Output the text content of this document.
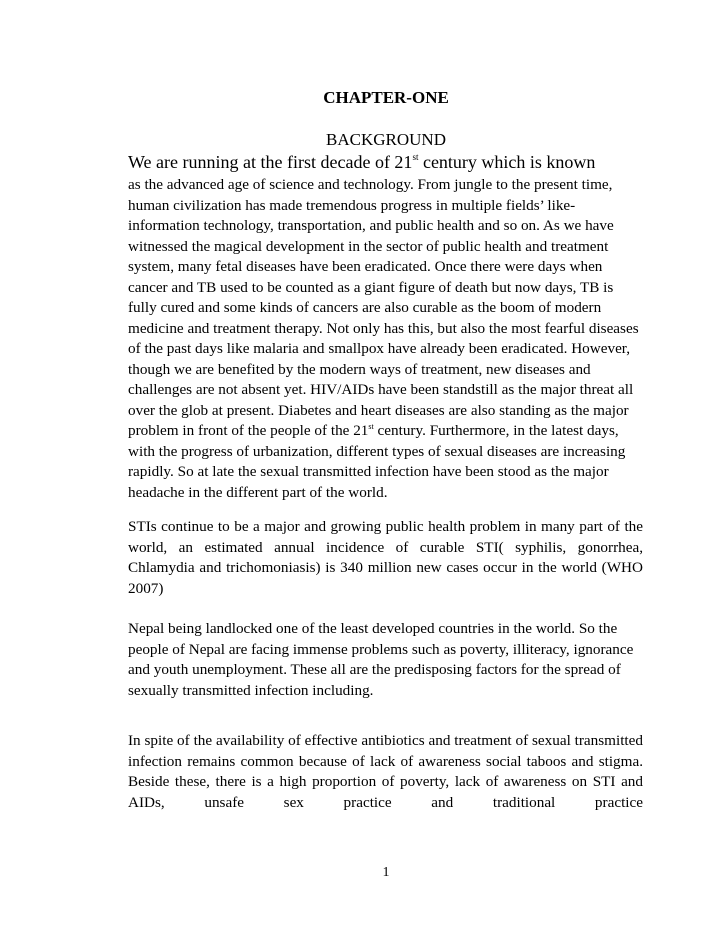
CHAPTER-ONE
BACKGROUND
We are running at the first decade of 21st century which is known

as the advanced age of science and technology. From jungle to the present time, human civilization has made tremendous progress in multiple fields’ like- information technology, transportation, and public health and so on. As we have witnessed the magical development in the sector of public health and treatment system, many fetal diseases have been eradicated. Once there were days when cancer and TB used to be counted as a giant figure of death but now days, TB is fully cured and some kinds of cancers are also curable as the boom of modern medicine and treatment therapy. Not only has this, but also the most fearful diseases of the past days like malaria and smallpox have already been eradicated. However, though we are benefited by the modern ways of treatment, new diseases and challenges are not absent yet. HIV/AIDs have been standstill as the major threat all over the glob at present. Diabetes and heart diseases are also standing as the major problem in front of the people of the 21st century. Furthermore, in the latest days, with the progress of urbanization, different types of sexual diseases are increasing rapidly. So at late the sexual transmitted infection have been stood as the major headache in the different part of the world.

STIs continue to be a major and growing public health problem in many part of the world, an estimated annual incidence of curable STI( syphilis, gonorrhea, Chlamydia and trichomoniasis) is 340 million new cases occur in the world (WHO 2007)

Nepal being landlocked one of the least developed countries in the world. So the people of Nepal are facing immense problems such as poverty, illiteracy, ignorance and youth unemployment. These all are the predisposing factors for the spread of sexually transmitted infection including.

In spite of the availability of effective antibiotics and treatment of sexual transmitted infection remains common because of lack of awareness social taboos and stigma. Beside these, there is a high proportion of poverty, lack of awareness on STI and AIDs, unsafe sex practice and traditional practice

1
